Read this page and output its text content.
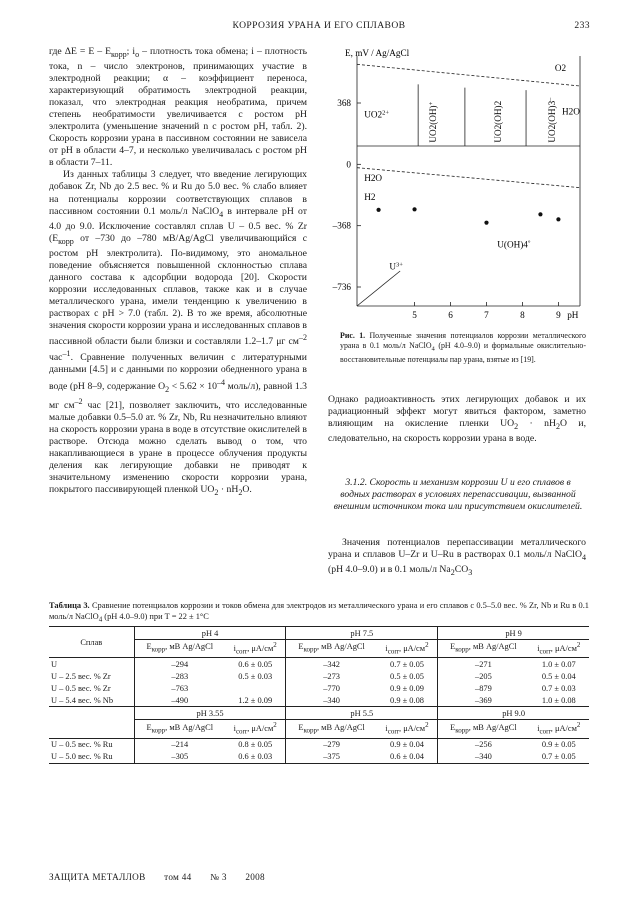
КОРРОЗИЯ УРАНА И ЕГО СПЛАВОВ	233

где $\Delta E = E - E_{корр}$; $i_o$ – плотность тока обмена; i – плотность тока, n – число электронов, принимающих участие в электродной реакции; α – коэффициент переноса, характеризующий обратимость электродной реакции, показал, что электродная реакция необратима, причем степень необратимости увеличивается с ростом pH электролита (уменьшение значений n с ростом pH, табл. 2). Скорость коррозии урана в пассивном состоянии не зависела от pH в области 4–7, и несколько увеличивалась с ростом pH в области 7–11.

Из данных таблицы 3 следует, что введение легирующих добавок Zr, Nb до 2.5 вес. % и Ru до 5.0 вес. % слабо влияет на потенциалы коррозии соответствующих сплавов в пассивном состоянии 0.1 моль/л NaClO$_4$ в интервале pH от 4.0 до 9.0. Исключение составлял сплав U – 0.5 вес. % Zr ($E_{корр}$ от –730 до –780 мВ/Ag/AgCl увеличивающийся с ростом pH электролита). По-видимому, это аномальное поведение объясняется повышенной склонностью сплава данного состава к адсорбции водорода [20]. Скорости коррозии исследованных сплавов, также как и в случае металлического урана, имели тенденцию к увеличению в растворах с pH > 7.0 (табл. 2). В то же время, абсолютные значения скорости коррозии урана и исследованных сплавов в пассивной области были близки и составляли 1.2–1.7 μг $см^{-2}$ час$^{-1}$. Сравнение полученных величин с литературными данными [4.5] и с данными по коррозии обедненного урана в воде (pH 8–9, содержание $O_2 < 5.62 \times 10^{-4}$ моль/л), равной 1.3 мг $см^{-2}$ час [21], позволяет заключить, что исследованные малые добавки 0.5–5.0 ат. % Zr, Nb, Ru незначительно влияют на скорость коррозии урана в воде в отсутствие окислителей в растворе. Отсюда можно сделать вывод о том, что накапливающиеся в уране в процессе облучения продукты деления как легирующие добавки не приводят к значительному изменению скорости коррозии урана, покрытого пассивирующей пленкой $UO_2 \cdot nH_2O$.

E, mV / Ag/AgCl
368
0
–368
–736
5	6	7	8	9 pH
O2
H2O
$UO2^{2+}$	UO2(OH)+	UO2(OH)2	UO2(OH)3–
H2O
H2
$U^{3+}$
U(OH)4°
Рис. 1. Полученные значения потенциалов коррозии металлического урана в 0.1 моль/л NaClO$_4$ (pH 4.0–9.0) и формальные окислительно-восстановительные потенциалы пар урана, взятые из [19].

Однако радиоактивность этих легирующих добавок и их радиационный эффект могут явиться фактором, заметно влияющим на окисление пленки $UO_2 \cdot nH_2O$ и, следовательно, на скорость коррозии урана в воде.

3.1.2. Скорость и механизм коррозии U и его сплавов в водных растворах в условиях перепассивации, вызванной внешним источником тока или присутствием окислителей.

Значения потенциалов перепассивации металлического урана и сплавов U–Zr и U–Ru в растворах 0.1 моль/л NaClO$_4$ (pH 4.0–9.0) и в 0.1 моль/л $Na_2CO_3$

Таблица 3. Сравнение потенциалов коррозии и токов обмена для электродов из металлического урана и его сплавов с 0.5–5.0 вес. % Zr, Nb и Ru в 0.1 моль/л NaClO$_4$ (pH 4.0–9.0) при T = 22 ± 1°C
Сплав	pH 4		pH 7.5		pH 9	
	$E_{корр}$, мВ Ag/AgCl	$i_{corr}$, $\mu A/см^2$	$E_{корр}$, мВ Ag/AgCl	$i_{corr}$, $\mu A/см^2$	$E_{корр}$, мВ Ag/AgCl	$i_{corr}$, $\mu A/см^2$

U	–294	0.6 ± 0.05	–342	0.7 ± 0.05	–271	1.0 ± 0.07
U – 2.5 вес. % Zr	–283	0.5 ± 0.03	–273	0.5 ± 0.05	–205	0.5 ± 0.04
U – 0.5 вес. % Zr	–763		–770	0.9 ± 0.09	–879	0.7 ± 0.03
U – 5.4 вес. % Nb	–490	1.2 ± 0.09	–340	0.9 ± 0.08	–369	1.0 ± 0.08
	pH 3.55		pH 5.5		pH 9.0	
	$E_{корр}$, мВ Ag/AgCl	$i_{corr}$, $\mu A/см^2$	$E_{корр}$, мВ Ag/AgCl	$i_{corr}$, $\mu A/см^2$	$E_{корр}$, мВ Ag/AgCl	$i_{corr}$, $\mu A/см^2$
U – 0.5 вес. % Ru	–214	0.8 ± 0.05	–279	0.9 ± 0.04	–256	0.9 ± 0.05
U – 5.0 вес. % Ru	–305	0.6 ± 0.03	–375	0.6 ± 0.04	–340	0.7 ± 0.05
ЗАЩИТА МЕТАЛЛОВ том 44 № 3 2008
